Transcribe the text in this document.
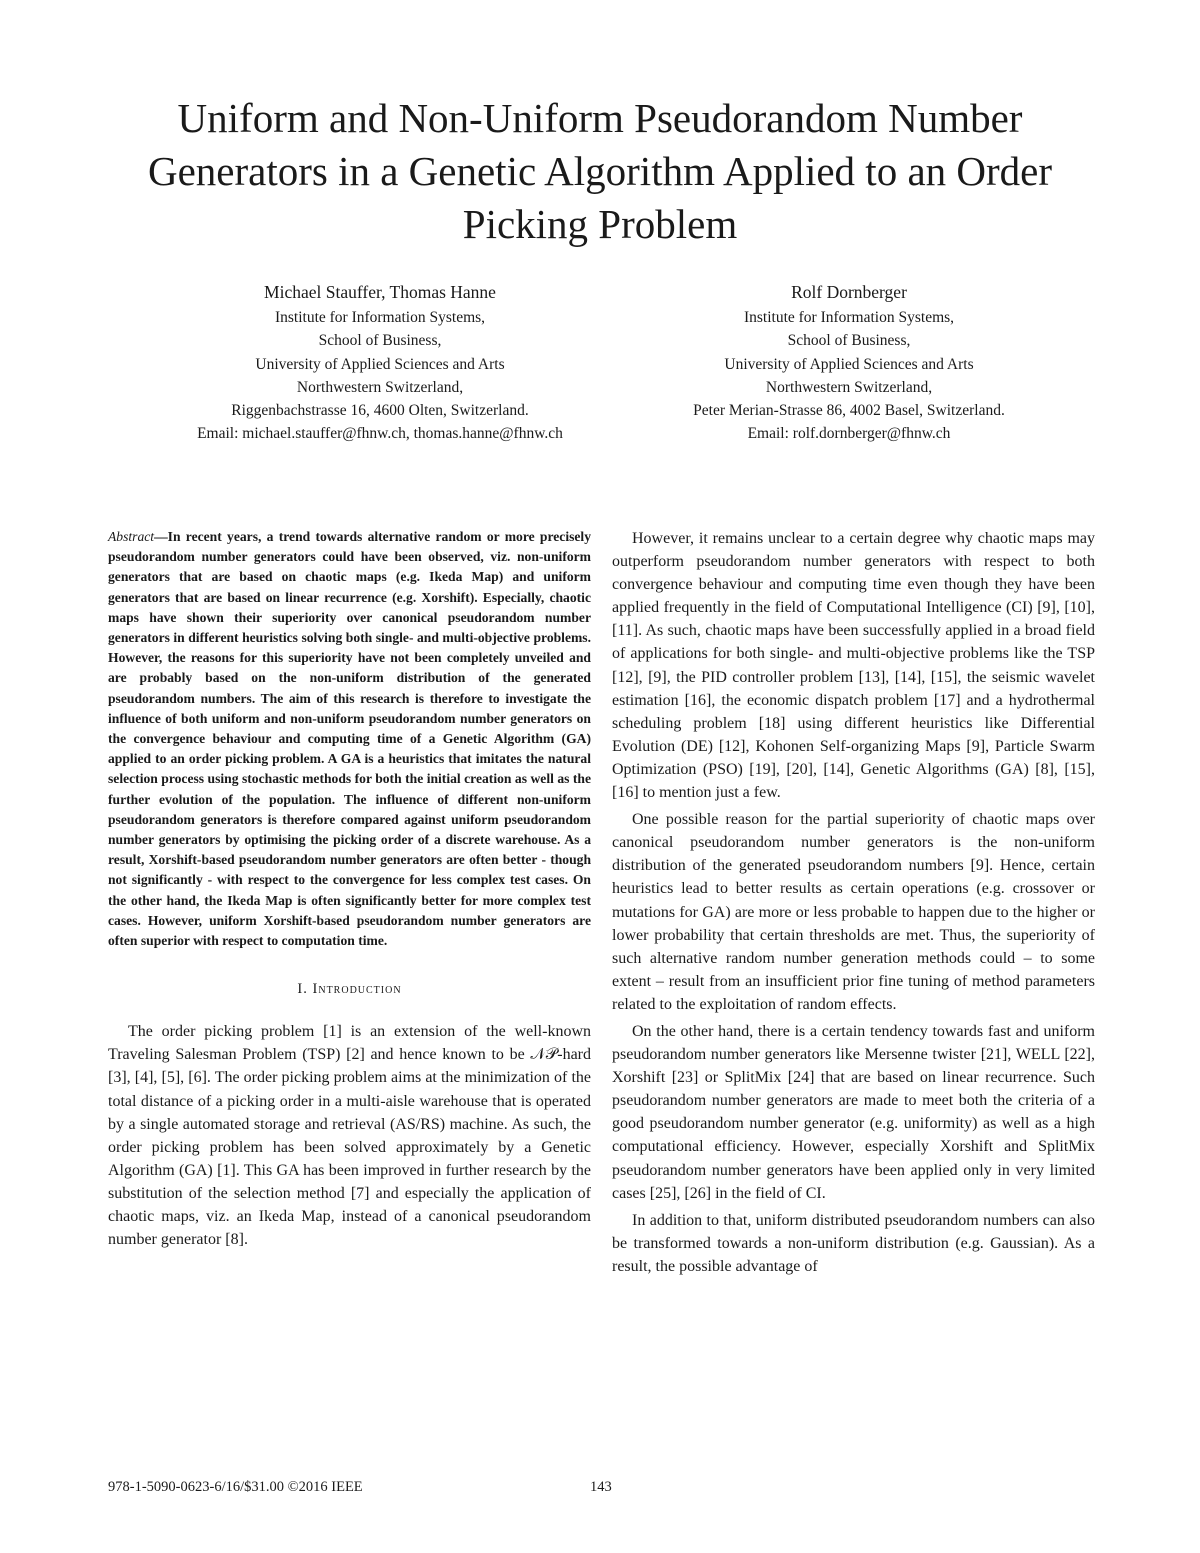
Uniform and Non-Uniform Pseudorandom Number Generators in a Genetic Algorithm Applied to an Order Picking Problem
Michael Stauffer, Thomas Hanne
Institute for Information Systems,
School of Business,
University of Applied Sciences and Arts
Northwestern Switzerland,
Riggenbachstrasse 16, 4600 Olten, Switzerland.
Email: michael.stauffer@fhnw.ch, thomas.hanne@fhnw.ch
Rolf Dornberger
Institute for Information Systems,
School of Business,
University of Applied Sciences and Arts
Northwestern Switzerland,
Peter Merian-Strasse 86, 4002 Basel, Switzerland.
Email: rolf.dornberger@fhnw.ch

Abstract—In recent years, a trend towards alternative random or more precisely pseudorandom number generators could have been observed, viz. non-uniform generators that are based on chaotic maps (e.g. Ikeda Map) and uniform generators that are based on linear recurrence (e.g. Xorshift). Especially, chaotic maps have shown their superiority over canonical pseudorandom number generators in different heuristics solving both single- and multi-objective problems. However, the reasons for this superiority have not been completely unveiled and are probably based on the non-uniform distribution of the generated pseudorandom numbers. The aim of this research is therefore to investigate the influence of both uniform and non-uniform pseudorandom number generators on the convergence behaviour and computing time of a Genetic Algorithm (GA) applied to an order picking problem. A GA is a heuristics that imitates the natural selection process using stochastic methods for both the initial creation as well as the further evolution of the population. The influence of different non-uniform pseudorandom generators is therefore compared against uniform pseudorandom number generators by optimising the picking order of a discrete warehouse. As a result, Xorshift-based pseudorandom number generators are often better - though not significantly - with respect to the convergence for less complex test cases. On the other hand, the Ikeda Map is often significantly better for more complex test cases. However, uniform Xorshift-based pseudorandom number generators are often superior with respect to computation time.

I. Introduction

The order picking problem [1] is an extension of the well-known Traveling Salesman Problem (TSP) [2] and hence known to be 𝒩𝒫-hard [3], [4], [5], [6]. The order picking problem aims at the minimization of the total distance of a picking order in a multi-aisle warehouse that is operated by a single automated storage and retrieval (AS/RS) machine. As such, the order picking problem has been solved approximately by a Genetic Algorithm (GA) [1]. This GA has been improved in further research by the substitution of the selection method [7] and especially the application of chaotic maps, viz. an Ikeda Map, instead of a canonical pseudorandom number generator [8].

However, it remains unclear to a certain degree why chaotic maps may outperform pseudorandom number generators with respect to both convergence behaviour and computing time even though they have been applied frequently in the field of Computational Intelligence (CI) [9], [10], [11]. As such, chaotic maps have been successfully applied in a broad field of applications for both single- and multi-objective problems like the TSP [12], [9], the PID controller problem [13], [14], [15], the seismic wavelet estimation [16], the economic dispatch problem [17] and a hydrothermal scheduling problem [18] using different heuristics like Differential Evolution (DE) [12], Kohonen Self-organizing Maps [9], Particle Swarm Optimization (PSO) [19], [20], [14], Genetic Algorithms (GA) [8], [15], [16] to mention just a few.

One possible reason for the partial superiority of chaotic maps over canonical pseudorandom number generators is the non-uniform distribution of the generated pseudorandom numbers [9]. Hence, certain heuristics lead to better results as certain operations (e.g. crossover or mutations for GA) are more or less probable to happen due to the higher or lower probability that certain thresholds are met. Thus, the superiority of such alternative random number generation methods could – to some extent – result from an insufficient prior fine tuning of method parameters related to the exploitation of random effects.

On the other hand, there is a certain tendency towards fast and uniform pseudorandom number generators like Mersenne twister [21], WELL [22], Xorshift [23] or SplitMix [24] that are based on linear recurrence. Such pseudorandom number generators are made to meet both the criteria of a good pseudorandom number generator (e.g. uniformity) as well as a high computational efficiency. However, especially Xorshift and SplitMix pseudorandom number generators have been applied only in very limited cases [25], [26] in the field of CI.

In addition to that, uniform distributed pseudorandom numbers can also be transformed towards a non-uniform distribution (e.g. Gaussian). As a result, the possible advantage of

978-1-5090-0623-6/16/$31.00 ©2016 IEEE	143
